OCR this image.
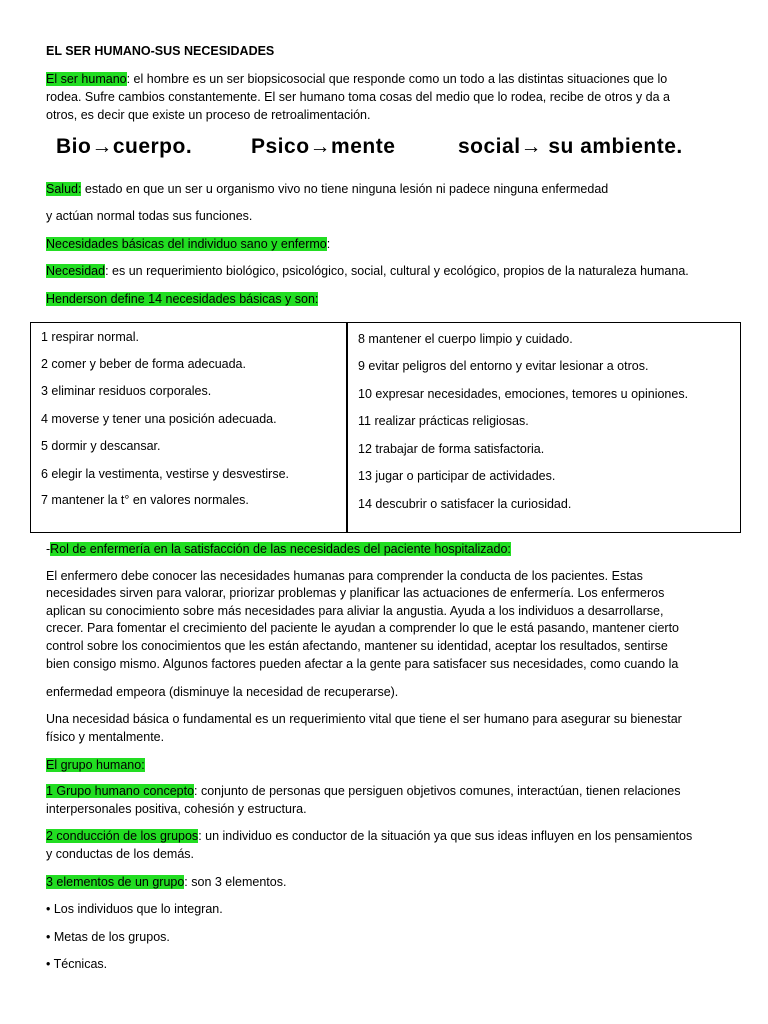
EL SER HUMANO-SUS NECESIDADES
El ser humano: el hombre es un ser biopsicosocial que responde como un todo a las distintas situaciones que lo
rodea. Sufre cambios constantemente. El ser humano toma cosas del medio que lo rodea, recibe de otros y da a
otros, es decir que existe un proceso de retroalimentación.
Bio→cuerpo.	Psico→mente	social→ su ambiente.
Salud: estado en que un ser u organismo vivo no tiene ninguna lesión ni padece ninguna enfermedad
y actúan normal todas sus funciones.
Necesidades básicas del individuo sano y enfermo:
Necesidad: es un requerimiento biológico, psicológico, social, cultural y ecológico, propios de la naturaleza humana.
Henderson define 14 necesidades básicas y son:

1 respirar normal.

2 comer y beber de forma adecuada.

3 eliminar residuos corporales.

4 moverse y tener una posición adecuada.

5 dormir y descansar.

6 elegir la vestimenta, vestirse y desvestirse.

7 mantener la t° en valores normales.

8 mantener el cuerpo limpio y cuidado.

9 evitar peligros del entorno y evitar lesionar a otros.

10 expresar necesidades, emociones, temores u opiniones.

11 realizar prácticas religiosas.

12 trabajar de forma satisfactoria.

13 jugar o participar de actividades.

14 descubrir o satisfacer la curiosidad.

-Rol de enfermería en la satisfacción de las necesidades del paciente hospitalizado:
El enfermero debe conocer las necesidades humanas para comprender la conducta de los pacientes. Estas
necesidades sirven para valorar, priorizar problemas y planificar las actuaciones de enfermería. Los enfermeros
aplican su conocimiento sobre más necesidades para aliviar la angustia. Ayuda a los individuos a desarrollarse,
crecer. Para fomentar el crecimiento del paciente le ayudan a comprender lo que le está pasando, mantener cierto
control sobre los conocimientos que les están afectando, mantener su identidad, aceptar los resultados, sentirse
bien consigo mismo. Algunos factores pueden afectar a la gente para satisfacer sus necesidades, como cuando la
enfermedad empeora (disminuye la necesidad de recuperarse).
Una necesidad básica o fundamental es un requerimiento vital que tiene el ser humano para asegurar su bienestar
físico y mentalmente.
El grupo humano:
1 Grupo humano concepto: conjunto de personas que persiguen objetivos comunes, interactúan, tienen relaciones
interpersonales positiva, cohesión y estructura.
2 conducción de los grupos: un individuo es conductor de la situación ya que sus ideas influyen en los pensamientos
y conductas de los demás.
3 elementos de un grupo: son 3 elementos.
• Los individuos que lo integran.
• Metas de los grupos.
• Técnicas.
